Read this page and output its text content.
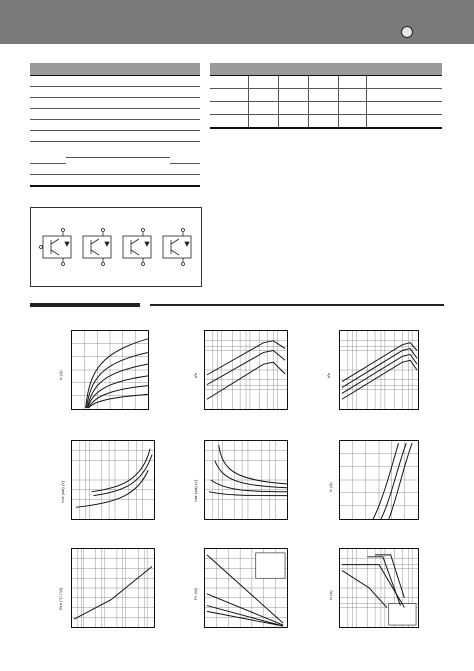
Iᴄ (A)	hᶠᴇ	hᶠᴇ
Vᴄᴇ (sat) (V)	Vʙᴇ (sat) (V)	Iᴄ (A)
Rᴛʜ (°C / W)	Pᴛ (W)	Iᴄ (A)
